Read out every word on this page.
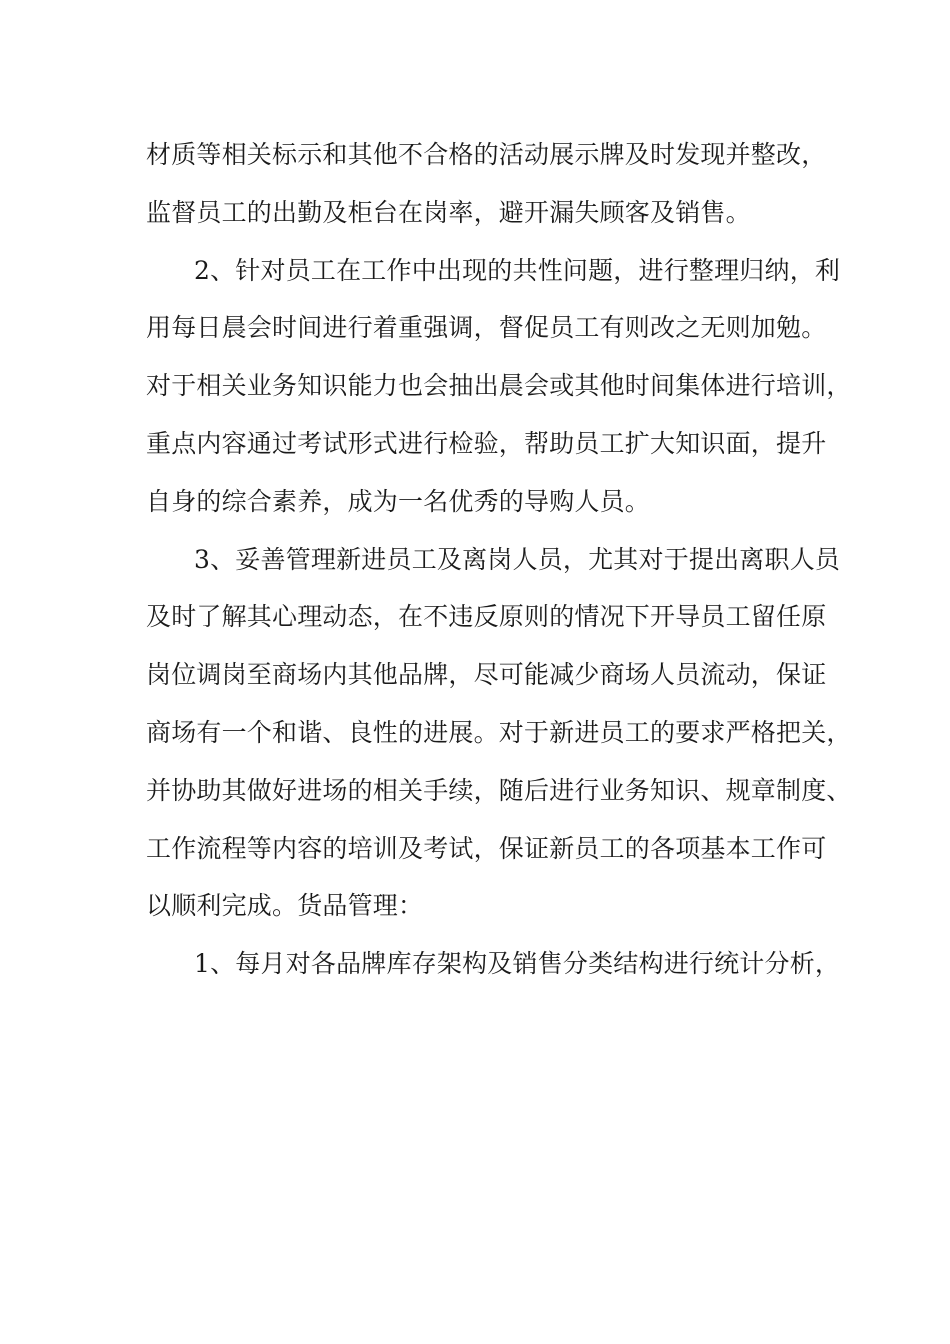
材质等相关标示和其他不合格的活动展示牌及时发现并整改，
监督员工的出勤及柜台在岗率，避开漏失顾客及销售。
2、针对员工在工作中出现的共性问题，进行整理归纳，利
用每日晨会时间进行着重强调，督促员工有则改之无则加勉。
对于相关业务知识能力也会抽出晨会或其他时间集体进行培训，
重点内容通过考试形式进行检验，帮助员工扩大知识面，提升
自身的综合素养，成为一名优秀的导购人员。
3、妥善管理新进员工及离岗人员，尤其对于提出离职人员
及时了解其心理动态，在不违反原则的情况下开导员工留任原
岗位调岗至商场内其他品牌，尽可能减少商场人员流动，保证
商场有一个和谐、良性的进展。对于新进员工的要求严格把关，
并协助其做好进场的相关手续，随后进行业务知识、规章制度、
工作流程等内容的培训及考试，保证新员工的各项基本工作可
以顺利完成。货品管理：
1、每月对各品牌库存架构及销售分类结构进行统计分析，
